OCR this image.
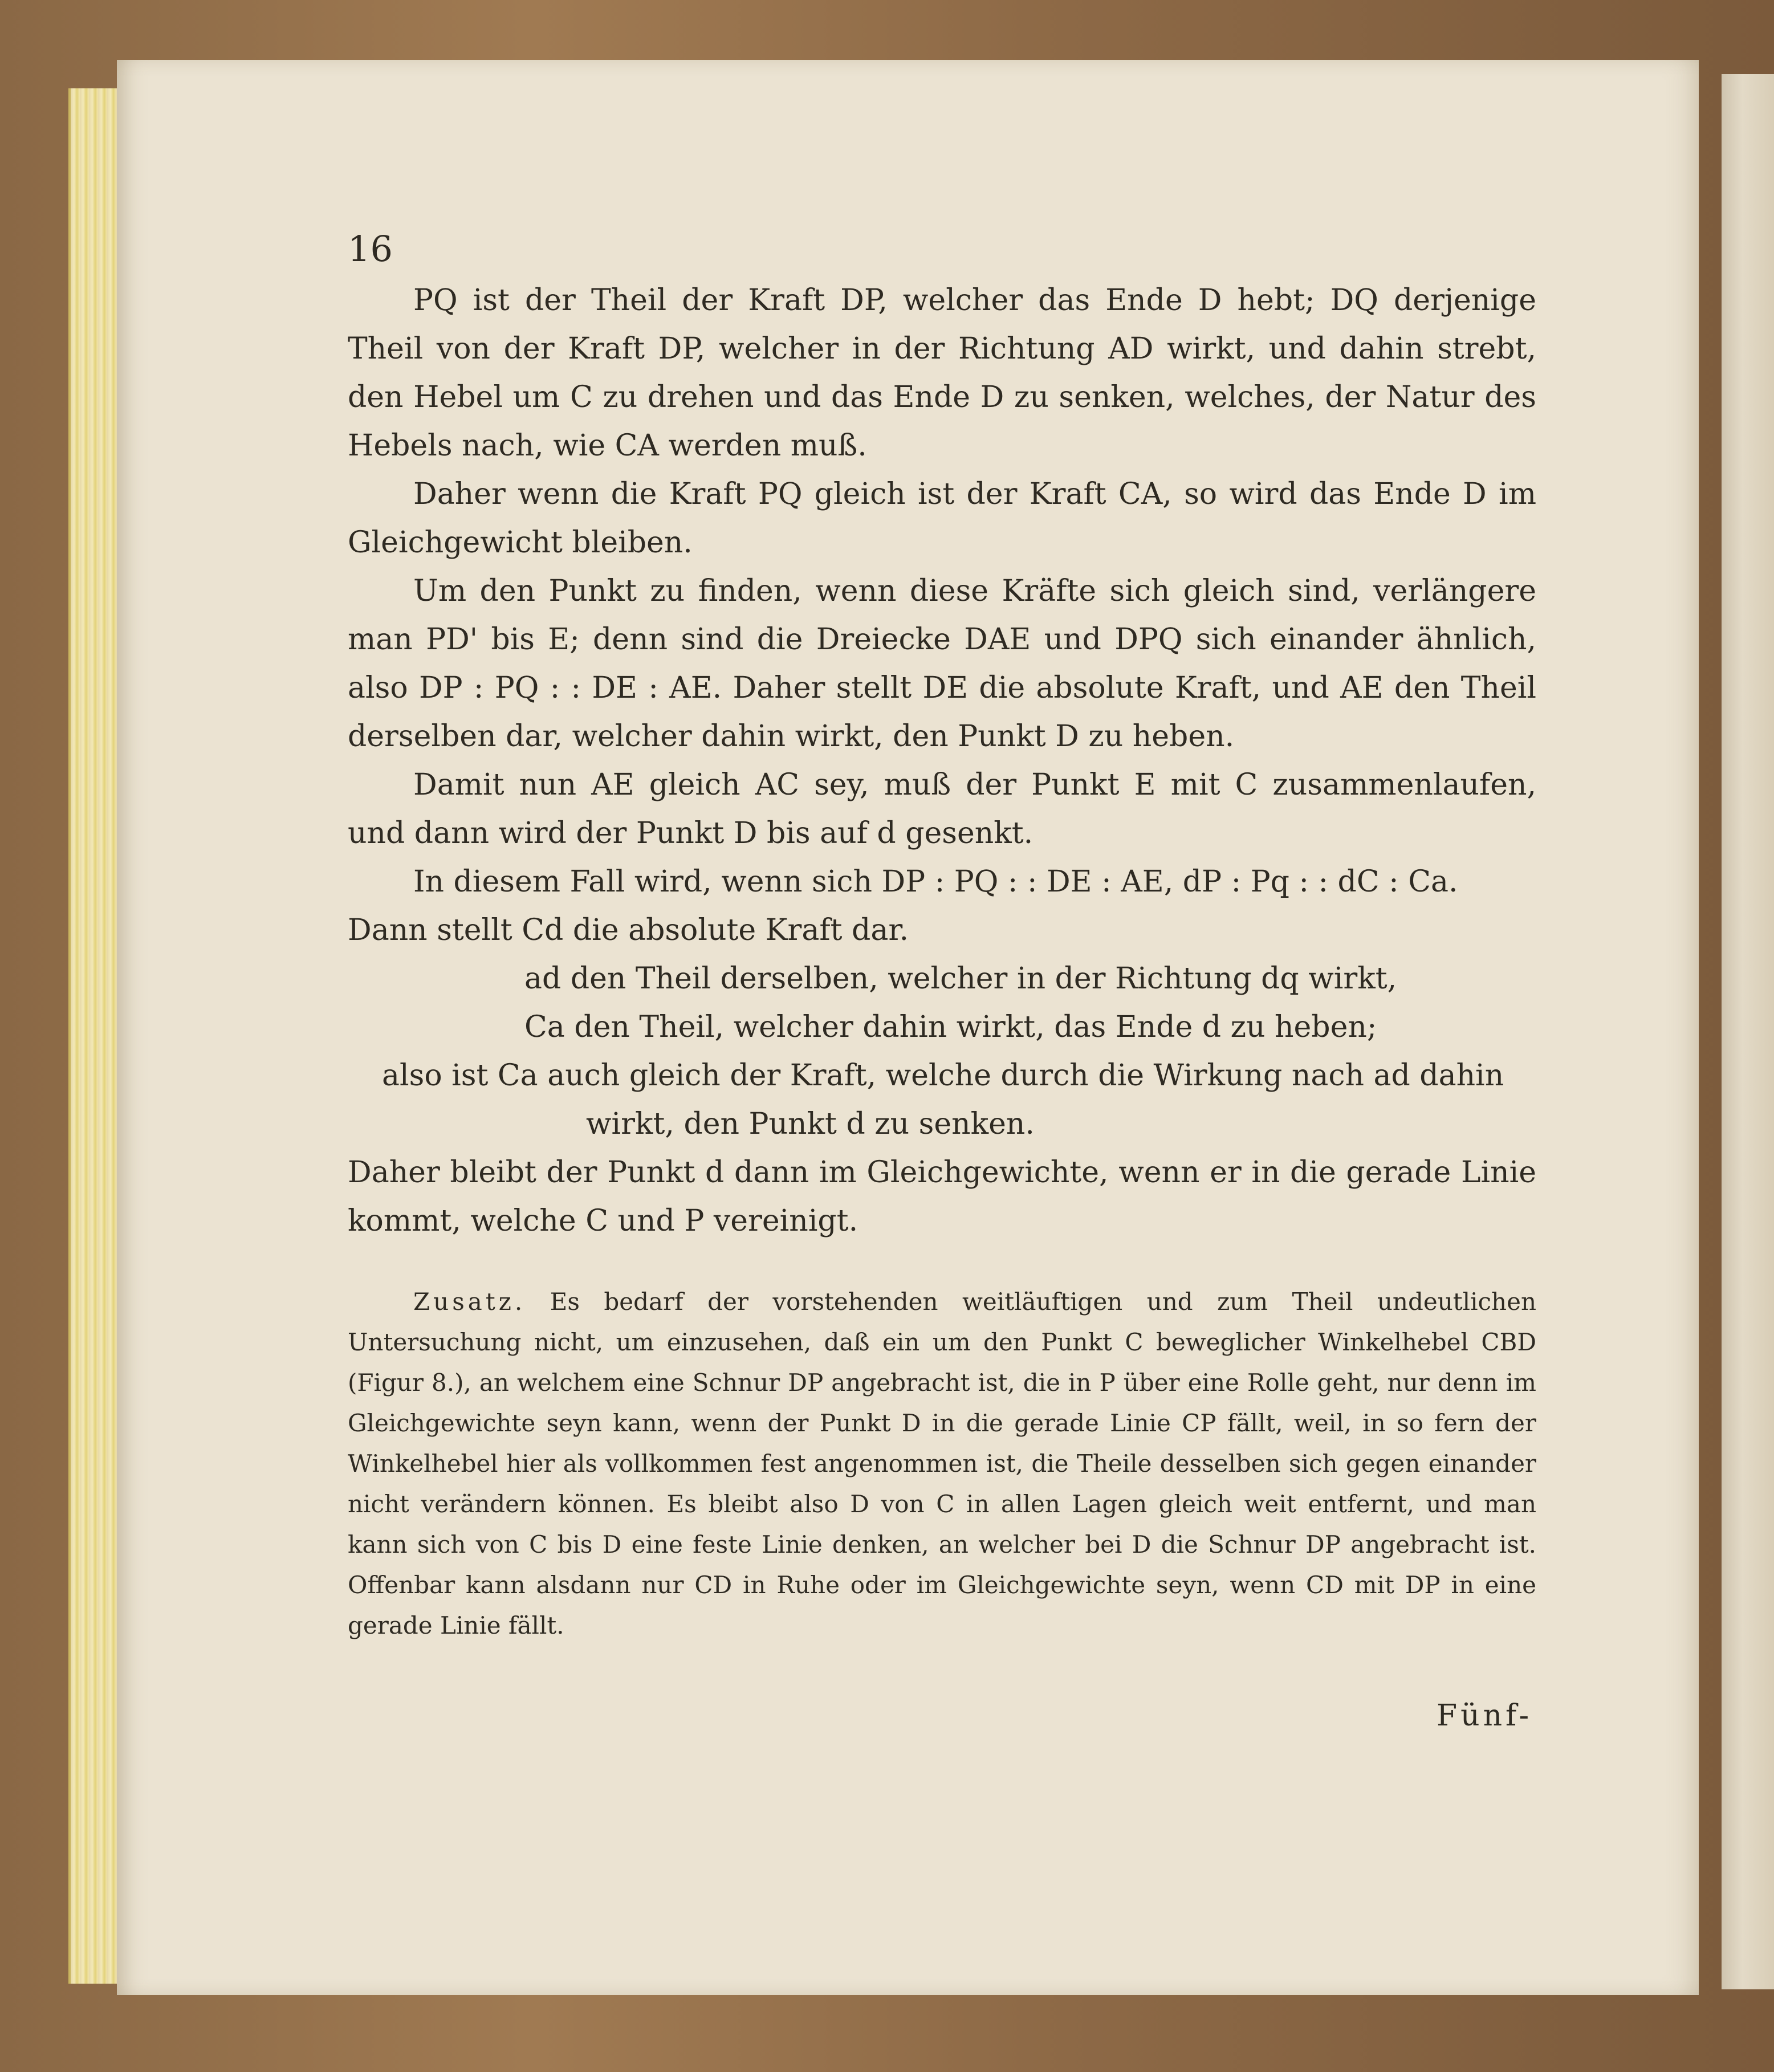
16

PQ ist der Theil der Kraft DP, welcher das Ende D hebt; DQ derjenige Theil von der Kraft DP, welcher in der Richtung AD wirkt, und dahin strebt, den Hebel um C zu drehen und das Ende D zu senken, welches, der Natur des Hebels nach, wie CA werden muß.

Daher wenn die Kraft PQ gleich ist der Kraft CA, so wird das Ende D im Gleichgewicht bleiben.

Um den Punkt zu finden, wenn diese Kräfte sich gleich sind, verlängere man PD' bis E; denn sind die Dreiecke DAE und DPQ sich einander ähnlich, also DP : PQ : : DE : AE. Daher stellt DE die absolute Kraft, und AE den Theil derselben dar, welcher dahin wirkt, den Punkt D zu heben.

Damit nun AE gleich AC sey, muß der Punkt E mit C zusammenlaufen, und dann wird der Punkt D bis auf d gesenkt.

In diesem Fall wird, wenn sich DP : PQ : : DE : AE, dP : Pq : : dC : Ca.

Dann stellt Cd die absolute Kraft dar.

ad den Theil derselben, welcher in der Richtung dq wirkt,

Ca den Theil, welcher dahin wirkt, das Ende d zu heben;

also ist Ca auch gleich der Kraft, welche durch die Wirkung nach ad dahin

wirkt, den Punkt d zu senken.

Daher bleibt der Punkt d dann im Gleichgewichte, wenn er in die gerade Linie kommt, welche C und P vereinigt.

Zusatz. Es bedarf der vorstehenden weitläuftigen und zum Theil undeutlichen Untersuchung nicht, um einzusehen, daß ein um den Punkt C beweglicher Winkelhebel CBD (Figur 8.), an welchem eine Schnur DP angebracht ist, die in P über eine Rolle geht, nur denn im Gleichgewichte seyn kann, wenn der Punkt D in die gerade Linie CP fällt, weil, in so fern der Winkelhebel hier als vollkommen fest angenommen ist, die Theile desselben sich gegen einander nicht verändern können. Es bleibt also D von C in allen Lagen gleich weit entfernt, und man kann sich von C bis D eine feste Linie denken, an welcher bei D die Schnur DP angebracht ist. Offenbar kann alsdann nur CD in Ruhe oder im Gleichgewichte seyn, wenn CD mit DP in eine gerade Linie fällt.
Fünf-
